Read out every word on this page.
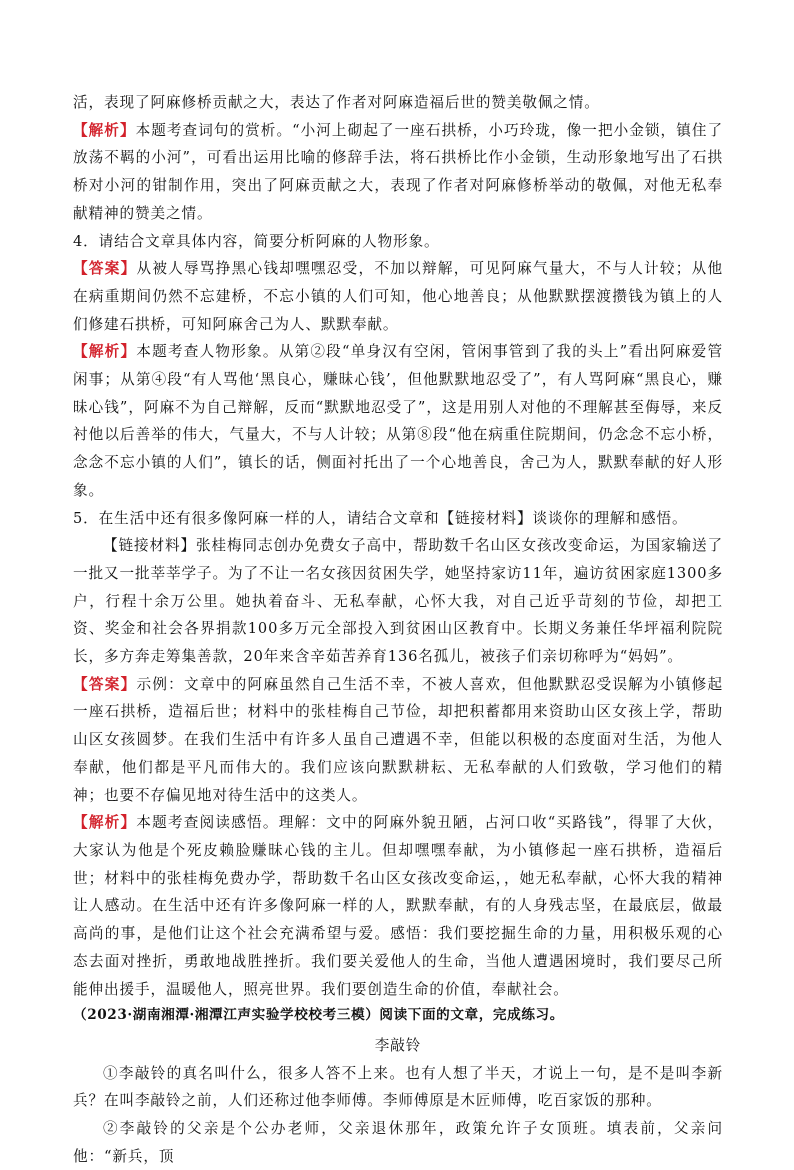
活，表现了阿麻修桥贡献之大，表达了作者对阿麻造福后世的赞美敬佩之情。

【解析】本题考查词句的赏析。“小河上砌起了一座石拱桥，小巧玲珑，像一把小金锁，镇住了放荡不羁的小河”，可看出运用比喻的修辞手法，将石拱桥比作小金锁，生动形象地写出了石拱桥对小河的钳制作用，突出了阿麻贡献之大，表现了作者对阿麻修桥举动的敬佩，对他无私奉献精神的赞美之情。

4．请结合文章具体内容，简要分析阿麻的人物形象。

【答案】从被人辱骂挣黑心钱却嘿嘿忍受，不加以辩解，可见阿麻气量大，不与人计较；从他在病重期间仍然不忘建桥，不忘小镇的人们可知，他心地善良；从他默默摆渡攒钱为镇上的人们修建石拱桥，可知阿麻舍己为人、默默奉献。

【解析】本题考查人物形象。从第②段“单身汉有空闲，管闲事管到了我的头上”看出阿麻爱管闲事；从第④段“有人骂他‘黑良心，赚昧心钱’，但他默默地忍受了”，有人骂阿麻“黑良心，赚昧心钱”，阿麻不为自己辩解，反而“默默地忍受了”，这是用别人对他的不理解甚至侮辱，来反衬他以后善举的伟大，气量大，不与人计较；从第⑧段“他在病重住院期间，仍念念不忘小桥，念念不忘小镇的人们”，镇长的话，侧面衬托出了一个心地善良，舍己为人，默默奉献的好人形象。

5．在生活中还有很多像阿麻一样的人，请结合文章和【链接材料】谈谈你的理解和感悟。

【链接材料】张桂梅同志创办免费女子高中，帮助数千名山区女孩改变命运，为国家输送了一批又一批莘莘学子。为了不让一名女孩因贫困失学，她坚持家访11年，遍访贫困家庭1300多户，行程十余万公里。她执着奋斗、无私奉献，心怀大我，对自己近乎苛刻的节俭，却把工资、奖金和社会各界捐款100多万元全部投入到贫困山区教育中。长期义务兼任华坪福利院院长，多方奔走筹集善款，20年来含辛茹苦养育136名孤儿，被孩子们亲切称呼为“妈妈”。

【答案】示例：文章中的阿麻虽然自己生活不幸，不被人喜欢，但他默默忍受误解为小镇修起一座石拱桥，造福后世；材料中的张桂梅自己节俭，却把积蓄都用来资助山区女孩上学，帮助山区女孩圆梦。在我们生活中有许多人虽自己遭遇不幸，但能以积极的态度面对生活，为他人奉献，他们都是平凡而伟大的。我们应该向默默耕耘、无私奉献的人们致敬，学习他们的精神；也要不存偏见地对待生活中的这类人。

【解析】本题考查阅读感悟。理解：文中的阿麻外貌丑陋，占河口收“买路钱”，得罪了大伙，大家认为他是个死皮赖脸赚昧心钱的主儿。但却嘿嘿奉献，为小镇修起一座石拱桥，造福后世；材料中的张桂梅免费办学，帮助数千名山区女孩改变命运，，她无私奉献，心怀大我的精神让人感动。在生活中还有许多像阿麻一样的人，默默奉献，有的人身残志坚，在最底层，做最高尚的事，是他们让这个社会充满希望与爱。感悟：我们要挖掘生命的力量，用积极乐观的心态去面对挫折，勇敢地战胜挫折。我们要关爱他人的生命，当他人遭遇困境时，我们要尽己所能伸出援手，温暖他人，照亮世界。我们要创造生命的价值，奉献社会。

（2023·湖南湘潭·湘潭江声实验学校校考三模）阅读下面的文章，完成练习。

李敲铃

①李敲铃的真名叫什么，很多人答不上来。也有人想了半天，才说上一句，是不是叫李新兵？在叫李敲铃之前，人们还称过他李师傅。李师傅原是木匠师傅，吃百家饭的那种。

②李敲铃的父亲是个公办老师，父亲退休那年，政策允许子女顶班。填表前，父亲问他：“新兵，顶
